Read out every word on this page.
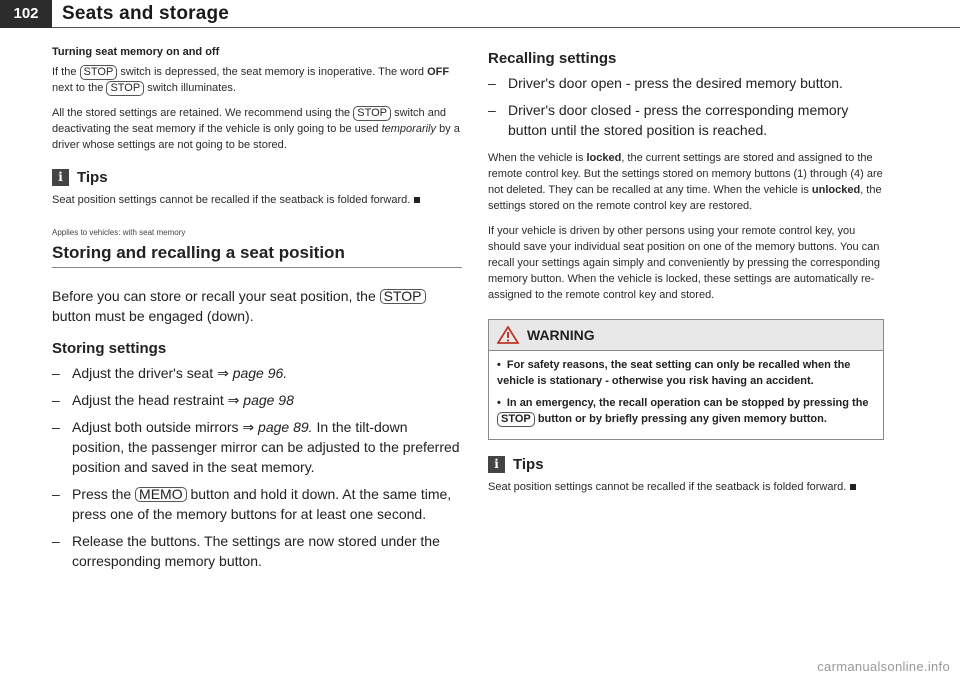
102	Seats and storage
Turning seat memory on and off

If the STOP switch is depressed, the seat memory is inoperative. The word OFF next to the STOP switch illuminates.

All the stored settings are retained. We recommend using the STOP switch and deactivating the seat memory if the vehicle is only going to be used temporarily by a driver whose settings are not going to be stored.

i Tips

Seat position settings cannot be recalled if the seatback is folded forward.

Applies to vehicles: with seat memory
Storing and recalling a seat position
Before you can store or recall your seat position, the STOP button must be engaged (down).
Storing settings
– Adjust the driver's seat ⇒ page 96.
– Adjust the head restraint ⇒ page 98
– Adjust both outside mirrors ⇒ page 89. In the tilt-down position, the passenger mirror can be adjusted to the preferred position and saved in the seat memory.
– Press the MEMO button and hold it down. At the same time, press one of the memory buttons for at least one second.
– Release the buttons. The settings are now stored under the corresponding memory button.
Recalling settings
– Driver's door open - press the desired memory button.
– Driver's door closed - press the corresponding memory button until the stored position is reached.

When the vehicle is locked, the current settings are stored and assigned to the remote control key. But the settings stored on memory buttons (1) through (4) are not deleted. They can be recalled at any time. When the vehicle is unlocked, the settings stored on the remote control key are restored.

If your vehicle is driven by other persons using your remote control key, you should save your individual seat position on one of the memory buttons. You can recall your settings again simply and conveniently by pressing the corresponding memory button. When the vehicle is locked, these settings are automatically re-assigned to the remote control key and stored.

WARNING

• For safety reasons, the seat setting can only be recalled when the vehicle is stationary - otherwise you risk having an accident.

• In an emergency, the recall operation can be stopped by pressing the STOP button or by briefly pressing any given memory button.

i Tips

Seat position settings cannot be recalled if the seatback is folded forward.

carmanualsonline.info
